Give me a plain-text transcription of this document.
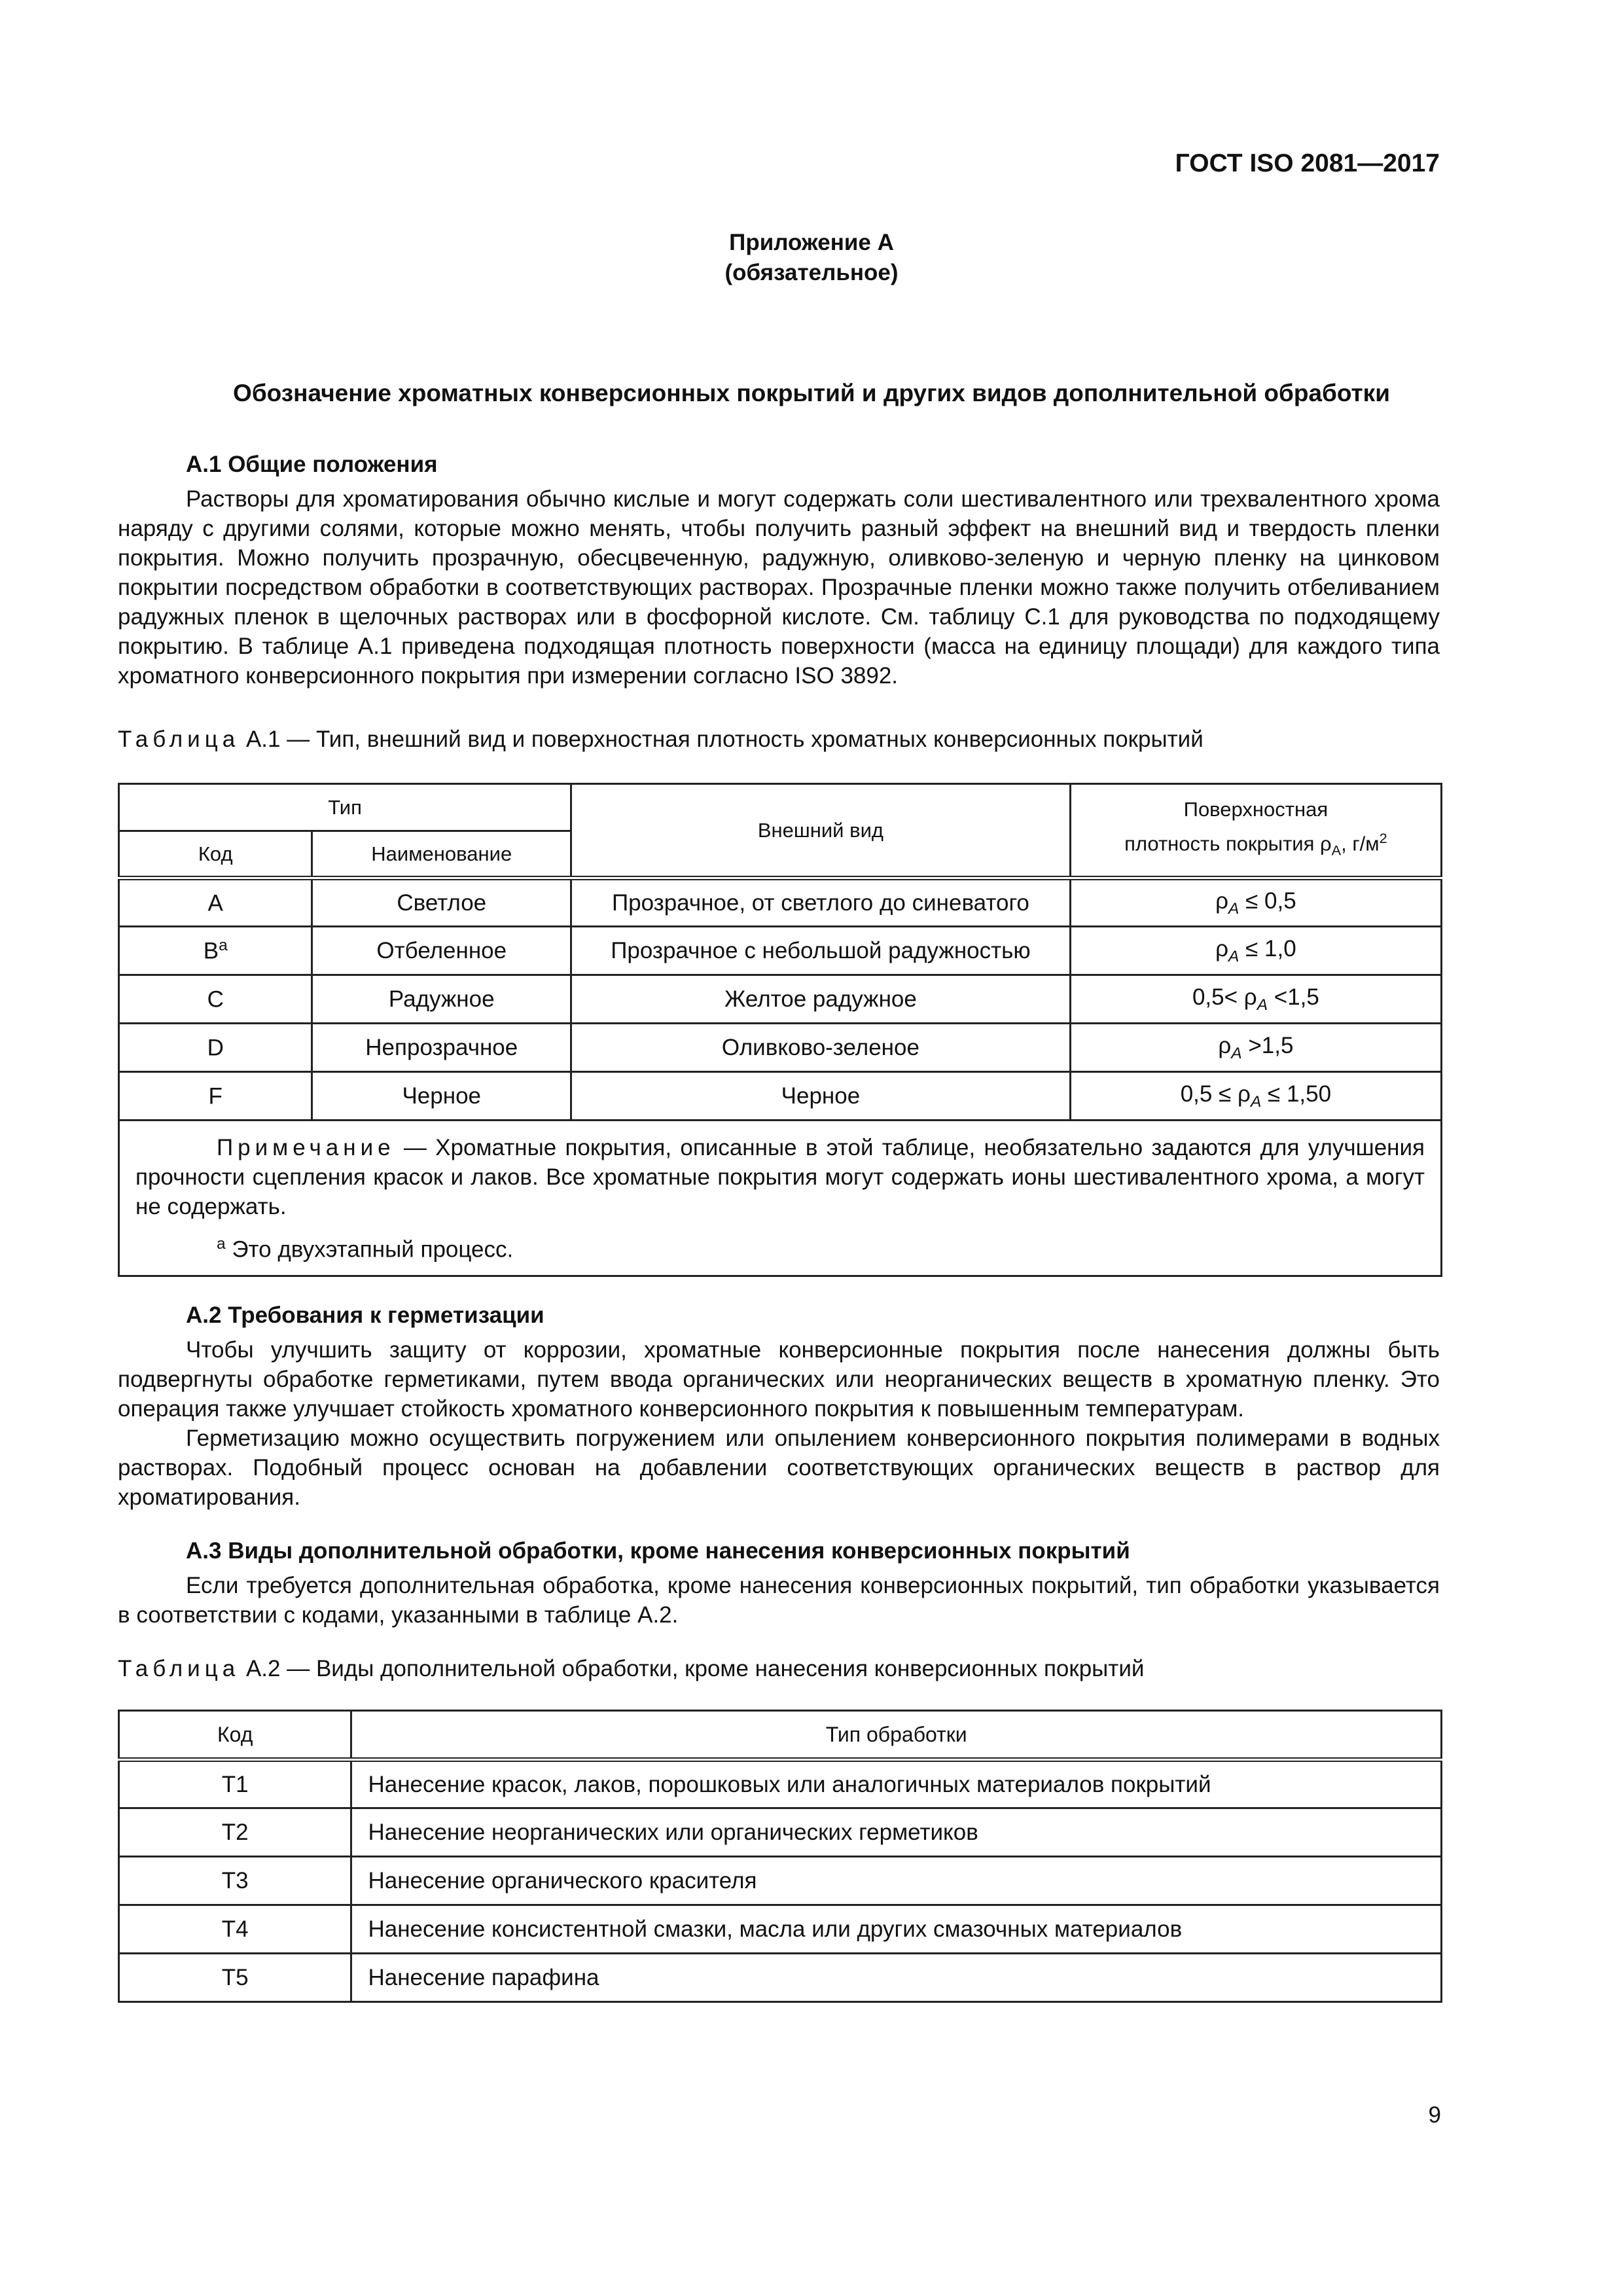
ГОСТ ISO 2081—2017
Приложение А
(обязательное)
Обозначение хроматных конверсионных покрытий и других видов дополнительной обработки
А.1 Общие положения

Растворы для хроматирования обычно кислые и могут содержать соли шестивалентного или трехвалентного хрома наряду с другими солями, которые можно менять, чтобы получить разный эффект на внешний вид и твердость пленки покрытия. Можно получить прозрачную, обесцвеченную, радужную, оливково-зеленую и черную пленку на цинковом покрытии посредством обработки в соответствующих растворах. Прозрачные пленки можно также получить отбеливанием радужных пленок в щелочных растворах или в фосфорной кислоте. См. таблицу С.1 для руководства по подходящему покрытию. В таблице А.1 приведена подходящая плотность поверхности (масса на единицу площади) для каждого типа хроматного конверсионного покрытия при измерении согласно ISO 3892.

Таблица А.1 — Тип, внешний вид и поверхностная плотность хроматных конверсионных покрытий
Тип		Внешний вид	Поверхностная
плотность покрытия $\rho_A$, $г/м^2$

Код	Наименование		
А	Светлое	Прозрачное, от светлого до синеватого	$\rho_A \le 0,5$
$B^a$	Отбеленное	Прозрачное с небольшой радужностью	$\rho_A \le 1,0$
C	Радужное	Желтое радужное	$0,5< \rho_A <1,5$
D	Непрозрачное	Оливково-зеленое	$\rho_A >1,5$
F	Черное	Черное	$0,5 \le \rho_A \le 1,50$

Примечание — Хроматные покрытия, описанные в этой таблице, необязательно задаются для улучшения прочности сцепления красок и лаков. Все хроматные покрытия могут содержать ионы шестивалентного хрома, а могут не содержать.

$^a$ Это двухэтапный процесс.			

А.2 Требования к герметизации

Чтобы улучшить защиту от коррозии, хроматные конверсионные покрытия после нанесения должны быть подвергнуты обработке герметиками, путем ввода органических или неорганических веществ в хроматную пленку. Это операция также улучшает стойкость хроматного конверсионного покрытия к повышенным температурам.

Герметизацию можно осуществить погружением или опылением конверсионного покрытия полимерами в водных растворах. Подобный процесс основан на добавлении соответствующих органических веществ в раствор для хроматирования.

А.3 Виды дополнительной обработки, кроме нанесения конверсионных покрытий

Если требуется дополнительная обработка, кроме нанесения конверсионных покрытий, тип обработки указывается в соответствии с кодами, указанными в таблице А.2.

Таблица А.2 — Виды дополнительной обработки, кроме нанесения конверсионных покрытий
Код	Тип обработки
T1	Нанесение красок, лаков, порошковых или аналогичных материалов покрытий
T2	Нанесение неорганических или органических герметиков
T3	Нанесение органического красителя
T4	Нанесение консистентной смазки, масла или других смазочных материалов
T5	Нанесение парафина
9
